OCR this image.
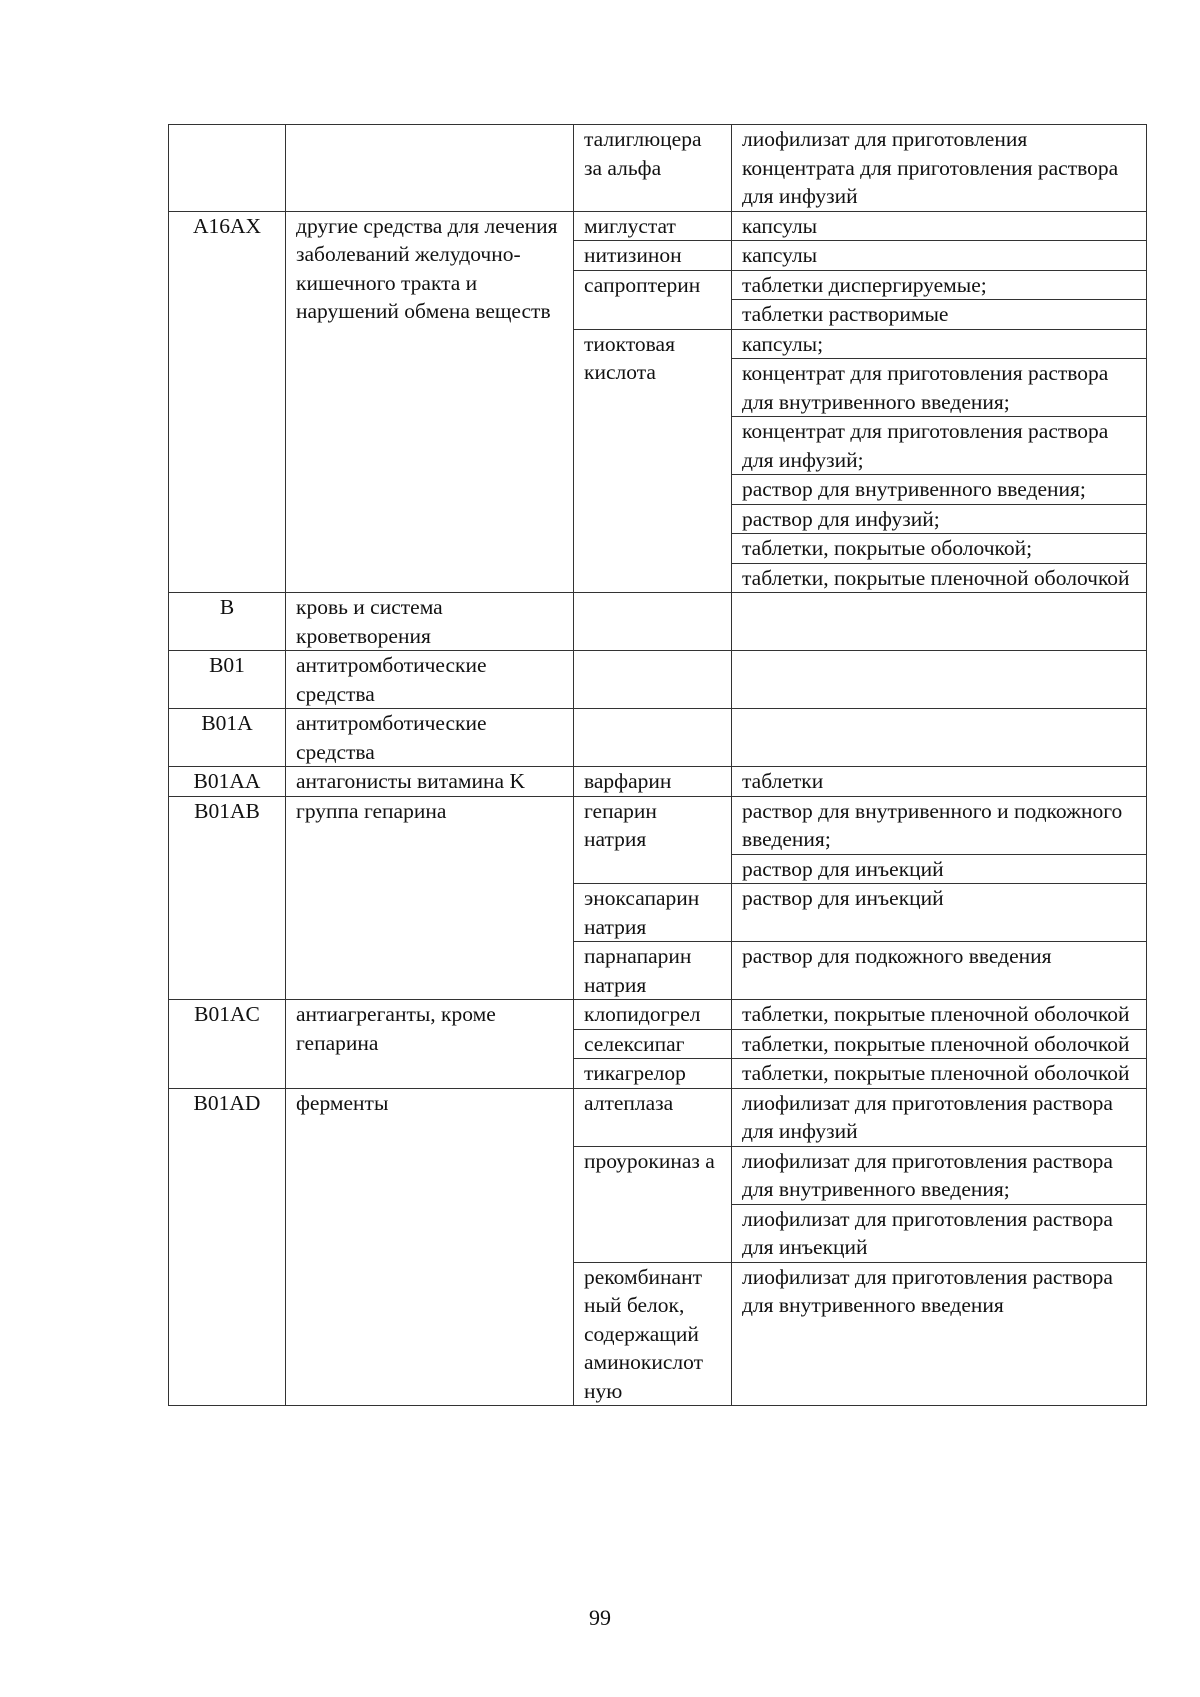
		талиглюцера за альфа	лиофилизат для приготовления концентрата для приготовления раствора для инфузий
A16AX	другие средства для лечения заболеваний желудочно-кишечного тракта и нарушений обмена веществ	миглустат	капсулы
		нитизинон	капсулы
		сапроптерин	таблетки диспергируемые;
			таблетки растворимые
		тиоктовая кислота	капсулы;
			концентрат для приготовления раствора для внутривенного введения;
			концентрат для приготовления раствора для инфузий;
			раствор для внутривенного введения;
			раствор для инфузий;
			таблетки, покрытые оболочкой;
			таблетки, покрытые пленочной оболочкой
B	кровь и система кроветворения		
B01	антитромботические средства		
B01A	антитромботические средства		
B01AA	антагонисты витамина K	варфарин	таблетки
B01AB	группа гепарина	гепарин натрия	раствор для внутривенного и подкожного введения;
			раствор для инъекций
		эноксапарин натрия	раствор для инъекций
		парнапарин натрия	раствор для подкожного введения
B01AC	антиагреганты, кроме гепарина	клопидогрел	таблетки, покрытые пленочной оболочкой
		селексипаг	таблетки, покрытые пленочной оболочкой
		тикагрелор	таблетки, покрытые пленочной оболочкой
B01AD	ферменты	алтеплаза	лиофилизат для приготовления раствора для инфузий
		проурокиназ а	лиофилизат для приготовления раствора для внутривенного введения;
			лиофилизат для приготовления раствора для инъекций
		рекомбинант ный белок, содержащий аминокислот ную	лиофилизат для приготовления раствора для внутривенного введения
99
